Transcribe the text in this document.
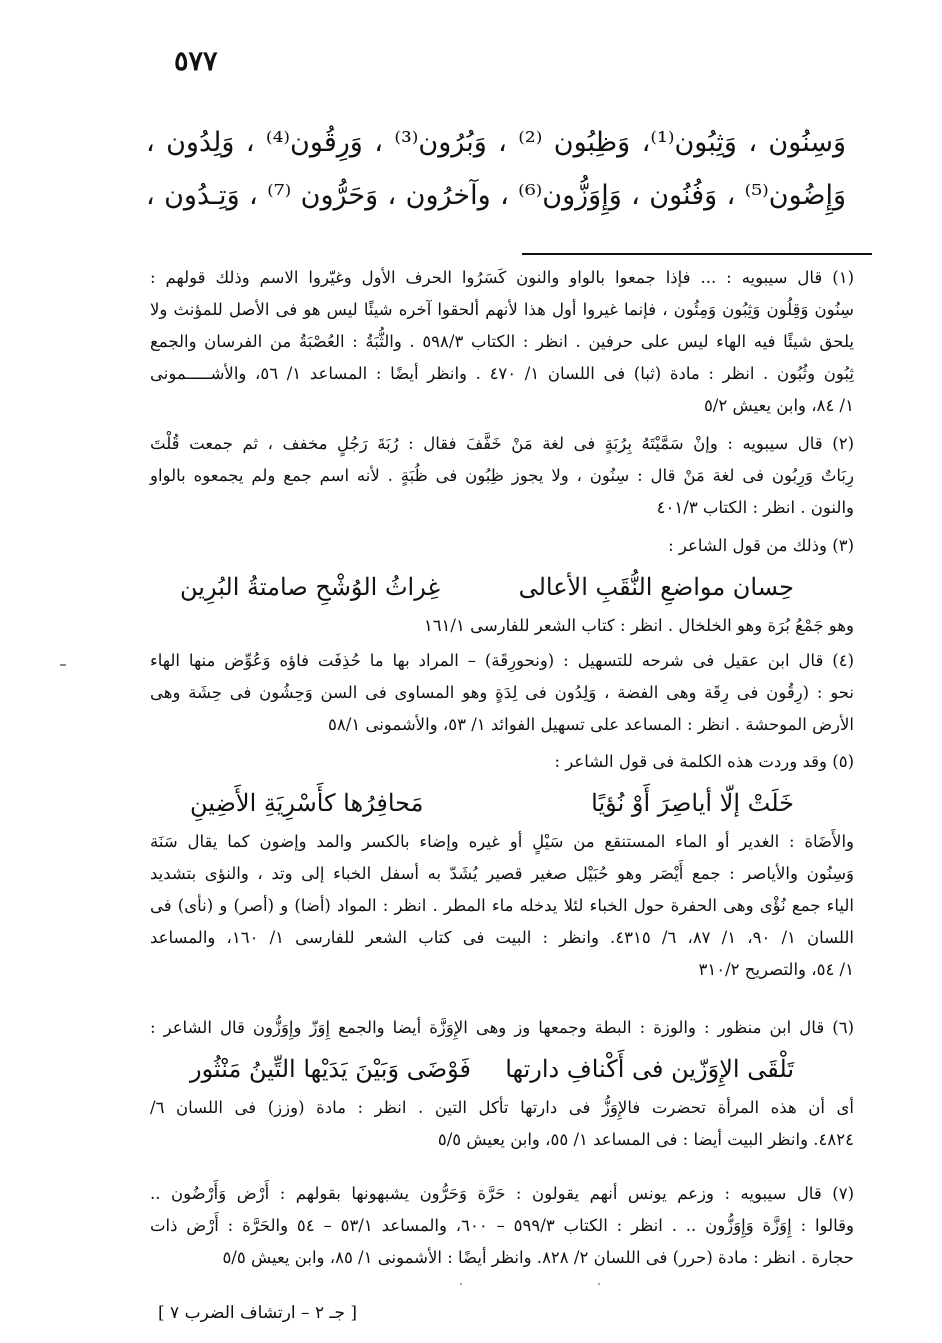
٥٧٧
وَسِنُون ، وَثِبُون⁽¹⁾، وَظِبُون ⁽²⁾ ، وَبُرُون⁽³⁾ ، وَرِقُون⁽⁴⁾ ، وَلِدُون ،
وَإِضُون⁽⁵⁾ ، وَفُنُون ، وَإِوَزُّون⁽⁶⁾ ، وآخرُون ، وَحَرُّون ⁽⁷⁾ ، وَتِـدُون ،

(١) قال سيبويه : ... فإذا جمعوا بالواو والنون كَسَرُوا الحرف الأول وغيّروا الاسم وذلك قولهم :

سِنُون وَقِلُون وَثِبُون وَمِئُون ، فإنما غيروا أول هذا لأنهم ألحقوا آخره شيئًا ليس هو فى الأصل للمؤنث ولا

يلحق شيئًا فيه الهاء ليس على حرفين . انظر : الكتاب ٥٩٨/٣ . والثُّبَةُ : العُصْبَةُ من الفرسان والجمع

ثِبُون وثُبُون . انظر : مادة (ثبا) فى اللسان ١/ ٤٧٠ . وانظر أيضًا : المساعد ١/ ٥٦، والأشـــــمونى

١/ ٨٤، وابن يعيش ٥/٢

(٢) قال سيبويه : وإنْ سَمَّيْتَهُ بِرُبَةٍ فى لغة مَنْ خَفَّفَ فقال : رُبَةَ رَجُلٍ مخفف ، ثم جمعت قُلْتَ

رِبَاتٌ وَرِبُون فى لغة مَنْ قال : سِنُون ، ولا يجوز ظِبُون فى ظُبَةٍ . لأنه اسم جمع ولم يجمعوه بالواو

والنون . انظر : الكتاب ٤٠١/٣

(٣) وذلك من قول الشاعر :

حِسان مواضعِ النُّقَبِ الأعالى
غِراثُ الوُشْحِ صامتةُ البُرِين

وهو جَمْعُ بُرَة وهو الخلخال . انظر : كتاب الشعر للفارسى ١٦١/١

(٤) قال ابن عقيل فى شرحه للتسهيل : (ونحورِقَة) – المراد بها ما حُذِفَت فاؤه وَعُوِّض منها الهاء

نحو : (رِقُون فى رِقَة وهى الفضة ، وَلِدُون فى لِدَةٍ وهو المساوى فى السن وَحِشُون فى حِشَة وهى

الأرض الموحشة . انظر : المساعد على تسهيل الفوائد ١/ ٥٣، والأشمونى ٥٨/١

(٥) وقد وردت هذه الكلمة فى قول الشاعر :

خَلَتْ إلّا أياصِرَ أَوْ نُؤيًا
مَحافِرُها كأَسْرِيَةِ الأَضِينِ

والأَضَاة : الغدير أو الماء المستنقع من سَيْلٍ أو غيره وإضاء بالكسر والمد وإضون كما يقال سَنَة

وَسِنُون والأياصر : جمع أَيْصَر وهو حُبَيْل صغير قصير يُشَدّ به أسفل الخباء إلى وتد ، والنؤى بتشديد

الياء جمع نُؤْى وهى الحفرة حول الخباء لئلا يدخله ماء المطر . انظر : المواد (أضا) و (أصر) و (نأى) فى

اللسان ١/ ٩٠، ١/ ٨٧، ٦/ ٤٣١٥. وانظر : البيت فى كتاب الشعر للفارسى ١/ ١٦٠، والمساعد

١/ ٥٤، والتصريح ٣١٠/٢

(٦) قال ابن منظور : والوزة : البطة وجمعها وز وهى الإِوَزَّة أيضا والجمع إِوَزّ وإِوَزُّون قال الشاعر :

تَلْقَى الإِوَزّين فى أَكْنافِ دارتها
فَوْضَى وَبَيْنَ يَدَيْها التِّينُ مَنْثُور

أى أن هذه المرأة تحضرت فالإِوَزُّ فى دارتها تأكل التين . انظر : مادة (وزز) فى اللسان ٦/

٤٨٢٤. وانظر البيت أيضا : فى المساعد ١/ ٥٥، وابن يعيش ٥/٥

(٧) قال سيبويه : وزعم يونس أنهم يقولون : حَرَّة وَحَرُّون يشبهونها بقولهم : أَرْض وَأَرْضُون ..

وقالوا : إِوَزَّة وَإِوَزُّون .. . انظر : الكتاب ٥٩٩/٣ – ٦٠٠، والمساعد ٥٣/١ – ٥٤ والحَرَّة : أَرْض ذات

حجارة . انظر : مادة (حرر) فى اللسان ٢/ ٨٢٨. وانظر أيضًا : الأشمونى ١/ ٨٥، وابن يعيش ٥/٥

[ جـ ٢ – ارتشاف الضرب ٧ ]
